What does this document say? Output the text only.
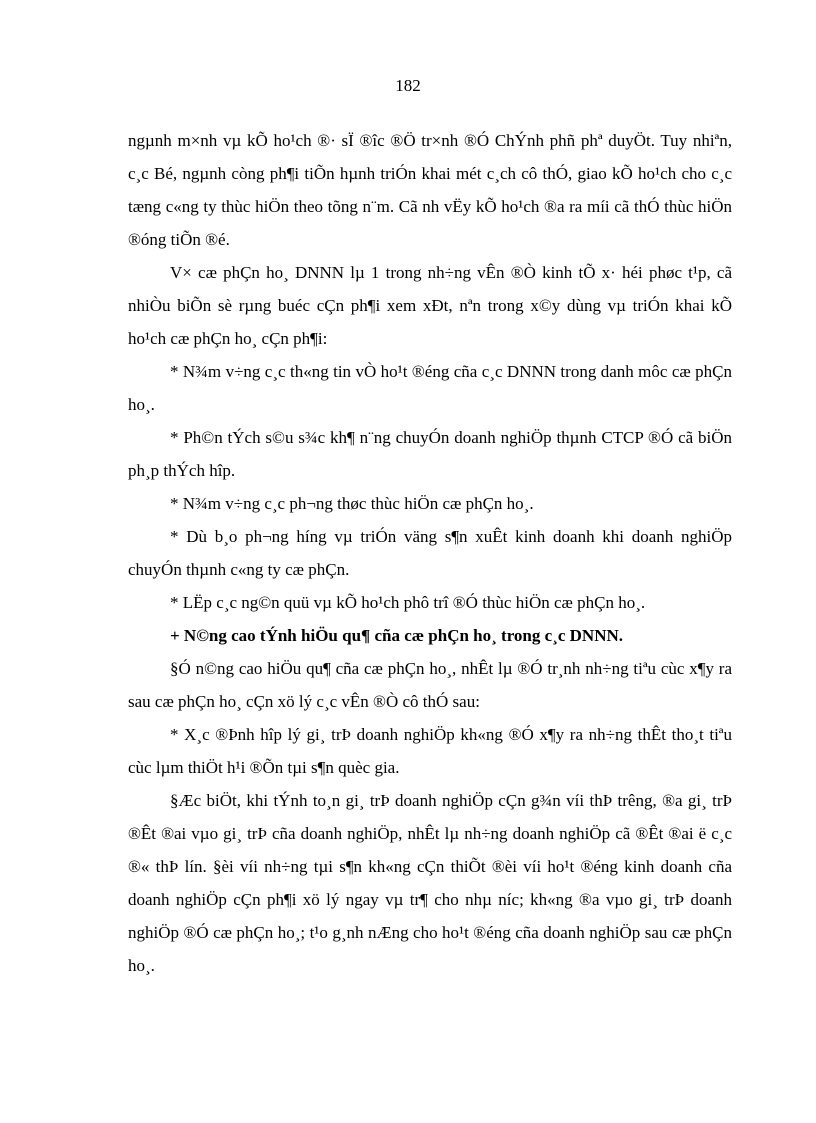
182

ngµnh m×nh vµ kÕ ho¹ch ®· sÏ ®îc ®Ö tr×nh ®Ó ChÝnh phñ phª duyÖt. Tuy nhiªn, c¸c Bé, ngµnh còng ph¶i tiÕn hµnh triÓn khai mét c¸ch cô thÓ, giao kÕ ho¹ch cho c¸c tæng c«ng ty thùc hiÖn theo tõng n¨m. Cã nh vËy kÕ ho¹ch ®a ra míi cã thÓ thùc hiÖn ®óng tiÕn ®é.

V× cæ phÇn ho¸ DNNN lµ 1 trong nh÷ng vÊn ®Ò kinh tÕ x· héi phøc t¹p, cã nhiÒu biÕn sè rµng buéc cÇn ph¶i xem xÐt, nªn trong x©y dùng vµ triÓn khai kÕ ho¹ch cæ phÇn ho¸ cÇn ph¶i:

* N¾m v÷ng c¸c th«ng tin vÒ ho¹t ®éng cña c¸c DNNN trong danh môc cæ phÇn ho¸.

* Ph©n tÝch s©u s¾c kh¶ n¨ng chuyÓn doanh nghiÖp thµnh CTCP ®Ó cã biÖn ph¸p thÝch hîp.

* N¾m v÷ng c¸c ph¬ng thøc thùc hiÖn cæ phÇn ho¸.

* Dù b¸o ph¬ng híng vµ triÓn väng s¶n xuÊt kinh doanh khi doanh nghiÖp chuyÓn thµnh c«ng ty cæ phÇn.

* LËp c¸c ng©n quü vµ kÕ ho¹ch phô trî ®Ó thùc hiÖn cæ phÇn ho¸.

+ N©ng cao tÝnh hiÖu qu¶ cña cæ phÇn ho¸ trong c¸c DNNN.

§Ó n©ng cao hiÖu qu¶ cña cæ phÇn ho¸, nhÊt lµ ®Ó tr¸nh nh÷ng tiªu cùc x¶y ra sau cæ phÇn ho¸ cÇn xö lý c¸c vÊn ®Ò cô thÓ sau:

* X¸c ®Þnh hîp lý gi¸ trÞ doanh nghiÖp kh«ng ®Ó x¶y ra nh÷ng thÊt tho¸t tiªu cùc lµm thiÖt h¹i ®Õn tµi s¶n quèc gia.

§Æc biÖt, khi tÝnh to¸n gi¸ trÞ doanh nghiÖp cÇn g¾n víi thÞ trêng, ®a gi¸ trÞ ®Êt ®ai vµo gi¸ trÞ cña doanh nghiÖp, nhÊt lµ nh÷ng doanh nghiÖp cã ®Êt ®ai ë c¸c ®« thÞ lín. §èi víi nh÷ng tµi s¶n kh«ng cÇn thiÕt ®èi víi ho¹t ®éng kinh doanh cña doanh nghiÖp cÇn ph¶i xö lý ngay vµ tr¶ cho nhµ níc; kh«ng ®a vµo gi¸ trÞ doanh nghiÖp ®Ó cæ phÇn ho¸; t¹o g¸nh nÆng cho ho¹t ®éng cña doanh nghiÖp sau cæ phÇn ho¸.
